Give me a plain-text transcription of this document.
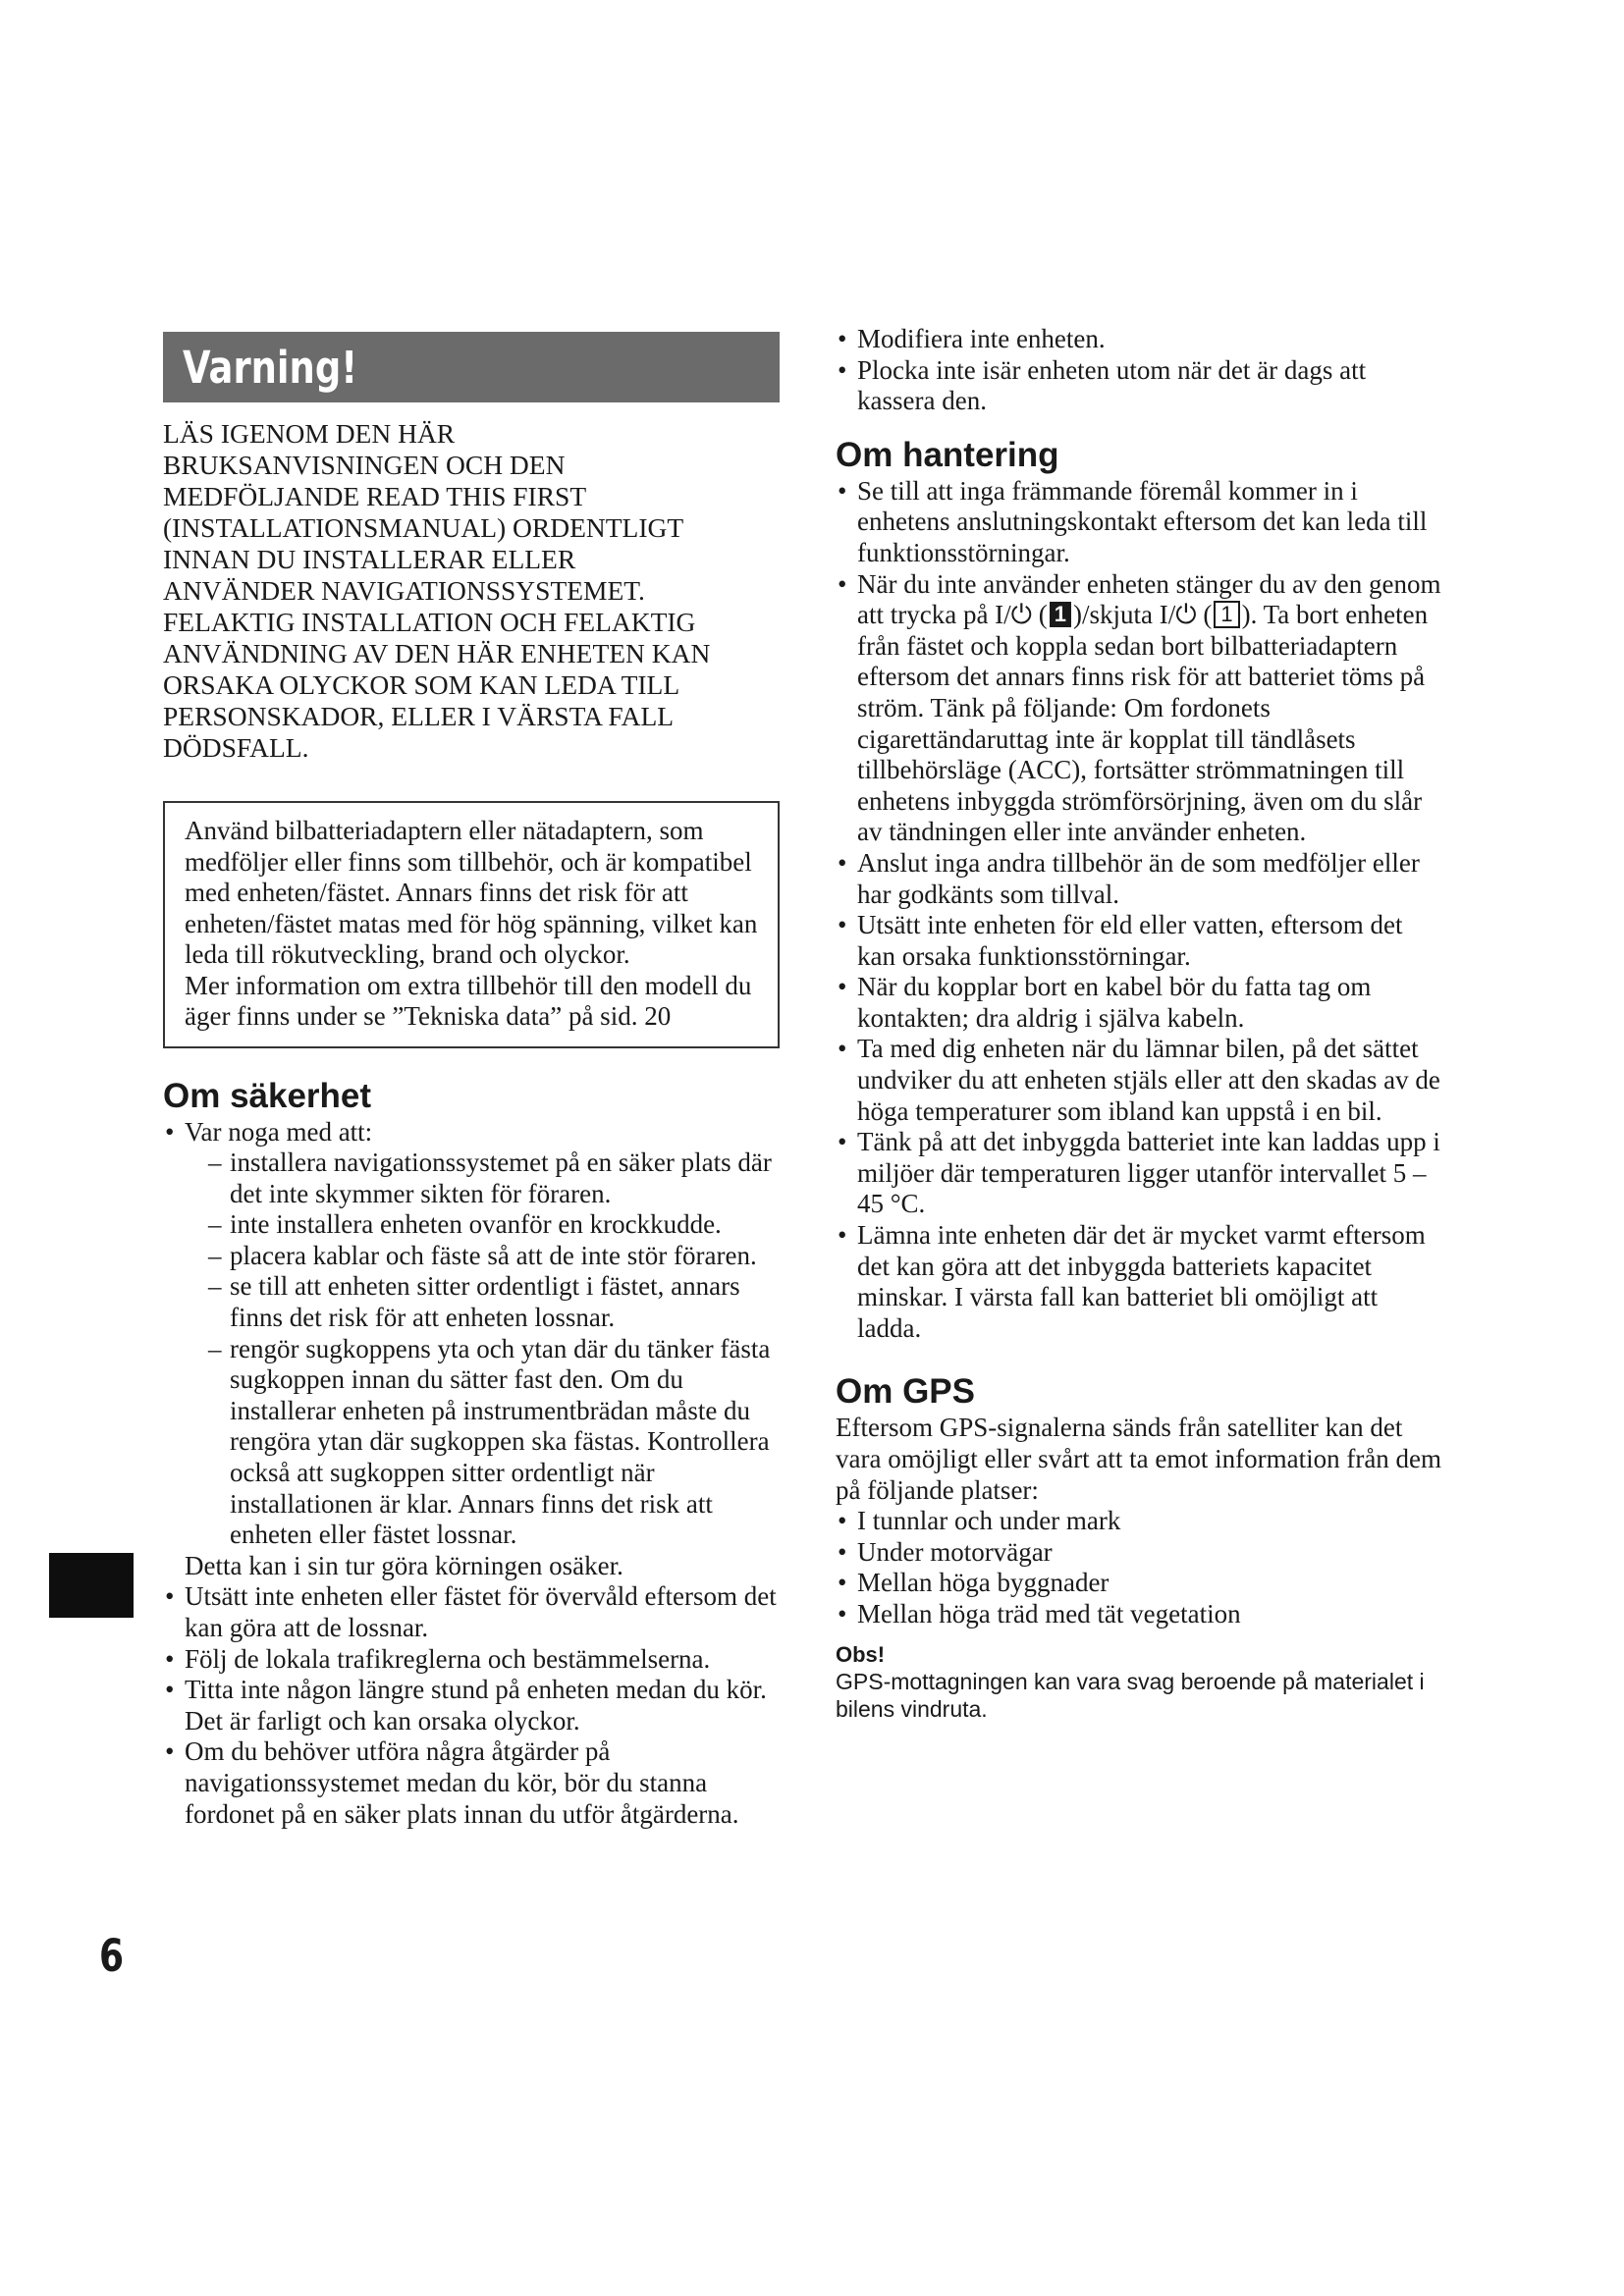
6
Varning!
LÄS IGENOM DEN HÄR
BRUKSANVISNINGEN OCH DEN
MEDFÖLJANDE READ THIS FIRST
(INSTALLATIONSMANUAL) ORDENTLIGT
INNAN DU INSTALLERAR ELLER
ANVÄNDER NAVIGATIONSSYSTEMET.
FELAKTIG INSTALLATION OCH FELAKTIG
ANVÄNDNING AV DEN HÄR ENHETEN KAN
ORSAKA OLYCKOR SOM KAN LEDA TILL
PERSONSKADOR, ELLER I VÄRSTA FALL
DÖDSFALL.

Använd bilbatteriadaptern eller nätadaptern, som medföljer eller finns som tillbehör, och är kompatibel med enheten/fästet. Annars finns det risk för att enheten/fästet matas med för hög spänning, vilket kan leda till rökutveckling, brand och olyckor.

Mer information om extra tillbehör till den modell du äger finns under se ”Tekniska data” på sid. 20

Om säkerhet
• Var noga med att:
– installera navigationssystemet på en säker plats där det inte skymmer sikten för föraren.
– inte installera enheten ovanför en krockkudde.
– placera kablar och fäste så att de inte stör föraren.
– se till att enheten sitter ordentligt i fästet, annars finns det risk för att enheten lossnar.
– rengör sugkoppens yta och ytan där du tänker fästa sugkoppen innan du sätter fast den. Om du installerar enheten på instrumentbrädan måste du rengöra ytan där sugkoppen ska fästas. Kontrollera också att sugkoppen sitter ordentligt när installationen är klar. Annars finns det risk att enheten eller fästet lossnar.
Detta kan i sin tur göra körningen osäker.
• Utsätt inte enheten eller fästet för övervåld eftersom det kan göra att de lossnar.
• Följ de lokala trafikreglerna och bestämmelserna.
• Titta inte någon längre stund på enheten medan du kör. Det är farligt och kan orsaka olyckor.
• Om du behöver utföra några åtgärder på navigationssystemet medan du kör, bör du stanna fordonet på en säker plats innan du utför åtgärderna.
• Modifiera inte enheten.
• Plocka inte isär enheten utom när det är dags att kassera den.
Om hantering
• Se till att inga främmande föremål kommer in i enhetens anslutningskontakt eftersom det kan leda till funktionsstörningar.
• När du inte använder enheten stänger du av den genom att trycka på I/⏻ ( 1 )/skjuta I/⏻ ( 1 ). Ta bort enheten från fästet och koppla sedan bort bilbatteriadaptern eftersom det annars finns risk för att batteriet töms på ström. Tänk på följande: Om fordonets cigarettändaruttag inte är kopplat till tändlåsets tillbehörsläge (ACC), fortsätter strömmatningen till enhetens inbyggda strömförsörjning, även om du slår av tändningen eller inte använder enheten.
• Anslut inga andra tillbehör än de som medföljer eller har godkänts som tillval.
• Utsätt inte enheten för eld eller vatten, eftersom det kan orsaka funktionsstörningar.
• När du kopplar bort en kabel bör du fatta tag om kontakten; dra aldrig i själva kabeln.
• Ta med dig enheten när du lämnar bilen, på det sättet undviker du att enheten stjäls eller att den skadas av de höga temperaturer som ibland kan uppstå i en bil.
• Tänk på att det inbyggda batteriet inte kan laddas upp i miljöer där temperaturen ligger utanför intervallet 5 – 45 °C.
• Lämna inte enheten där det är mycket varmt eftersom det kan göra att det inbyggda batteriets kapacitet minskar. I värsta fall kan batteriet bli omöjligt att ladda.
Om GPS
Eftersom GPS-signalerna sänds från satelliter kan det vara omöjligt eller svårt att ta emot information från dem på följande platser:
• I tunnlar och under mark
• Under motorvägar
• Mellan höga byggnader
• Mellan höga träd med tät vegetation
Obs!
GPS-mottagningen kan vara svag beroende på materialet i bilens vindruta.
